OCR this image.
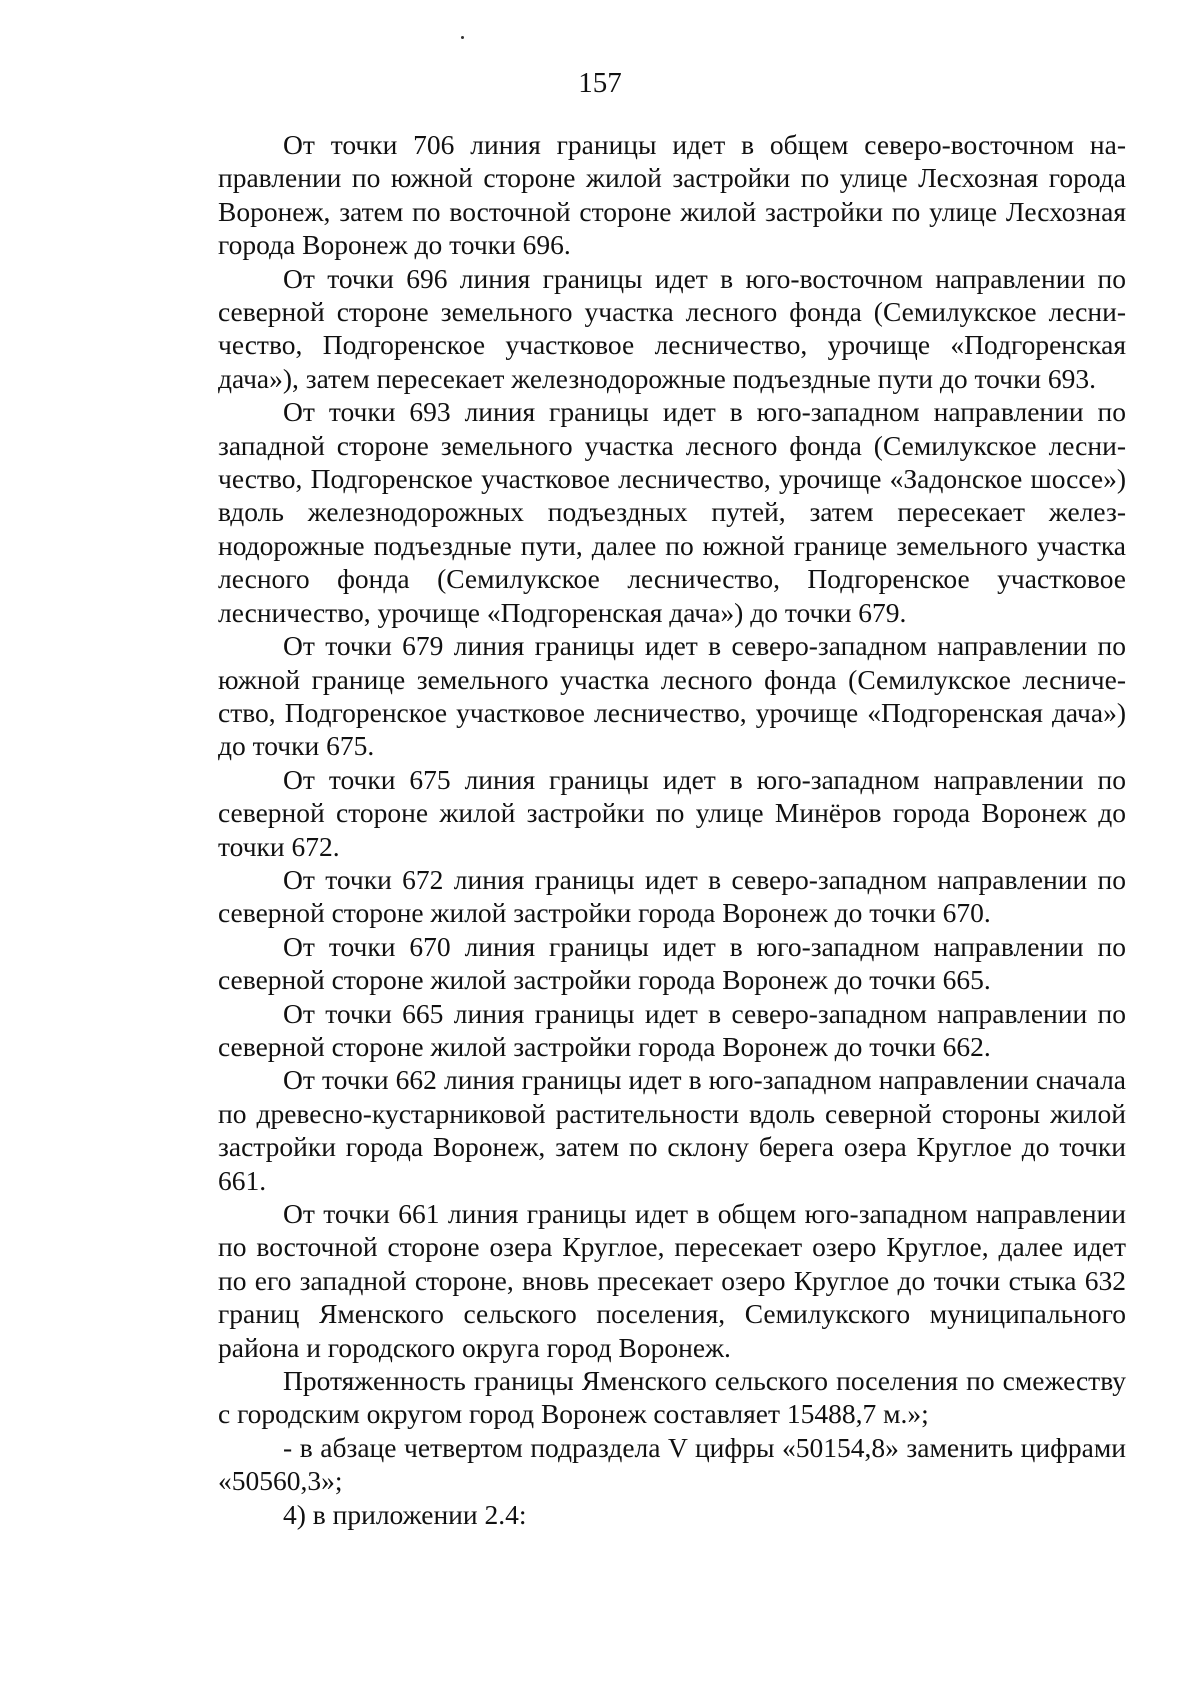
157

От точки 706 линия границы идет в общем северо-восточном направлении по южной стороне жилой застройки по улице Лесхозная города Воронеж, затем по восточной стороне жилой застройки по улице Лесхозная города Воронеж до точки 696.

От точки 696 линия границы идет в юго-восточном направлении по северной стороне земельного участка лесного фонда (Семилукское лесничество, Подгоренское участковое лесничество, урочище «Подгоренская дача»), затем пересекает железнодорожные подъездные пути до точки 693.

От точки 693 линия границы идет в юго-западном направлении по западной стороне земельного участка лесного фонда (Семилукское лесничество, Подгоренское участковое лесничество, урочище «Задонское шоссе») вдоль железнодорожных подъездных путей, затем пересекает железнодорожные подъездные пути, далее по южной границе земельного участка лесного фонда (Семилукское лесничество, Подгоренское участковое лесничество, урочище «Подгоренская дача») до точки 679.

От точки 679 линия границы идет в северо-западном направлении по южной границе земельного участка лесного фонда (Семилукское лесничество, Подгоренское участковое лесничество, урочище «Подгоренская дача») до точки 675.

От точки 675 линия границы идет в юго-западном направлении по северной стороне жилой застройки по улице Минёров города Воронеж до точки 672.

От точки 672 линия границы идет в северо-западном направлении по северной стороне жилой застройки города Воронеж до точки 670.

От точки 670 линия границы идет в юго-западном направлении по северной стороне жилой застройки города Воронеж до точки 665.

От точки 665 линия границы идет в северо-западном направлении по северной стороне жилой застройки города Воронеж до точки 662.

От точки 662 линия границы идет в юго-западном направлении сначала по древесно-кустарниковой растительности вдоль северной стороны жилой застройки города Воронеж, затем по склону берега озера Круглое до точки 661.

От точки 661 линия границы идет в общем юго-западном направлении по восточной стороне озера Круглое, пересекает озеро Круглое, далее идет по его западной стороне, вновь пресекает озеро Круглое до точки стыка 632 границ Яменского сельского поселения, Семилукского муниципального района и городского округа город Воронеж.

Протяженность границы Яменского сельского поселения по смежеству с городским округом город Воронеж составляет 15488,7 м.»;

- в абзаце четвертом подраздела V цифры «50154,8» заменить цифрами «50560,3»;

4) в приложении 2.4:
